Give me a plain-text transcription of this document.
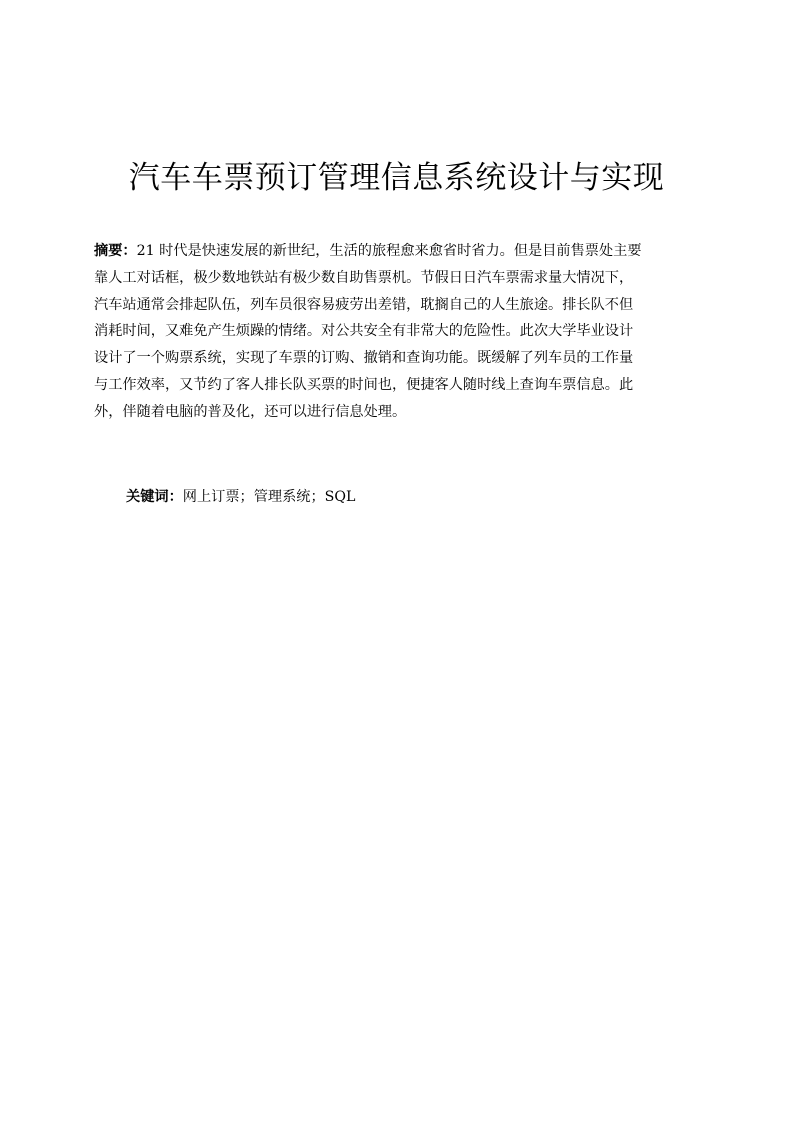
汽车车票预订管理信息系统设计与实现

摘要：21 时代是快速发展的新世纪，生活的旅程愈来愈省时省力。但是目前售票处主要
靠人工对话框，极少数地铁站有极少数自助售票机。节假日日汽车票需求量大情况下，
汽车站通常会排起队伍，列车员很容易疲劳出差错，耽搁自己的人生旅途。排长队不但
消耗时间，又难免产生烦躁的情绪。对公共安全有非常大的危险性。此次大学毕业设计
设计了一个购票系统，实现了车票的订购、撤销和查询功能。既缓解了列车员的工作量
与工作效率，又节约了客人排长队买票的时间也，便捷客人随时线上查询车票信息。此
外，伴随着电脑的普及化，还可以进行信息处理。

关键词：网上订票；管理系统；SQL
